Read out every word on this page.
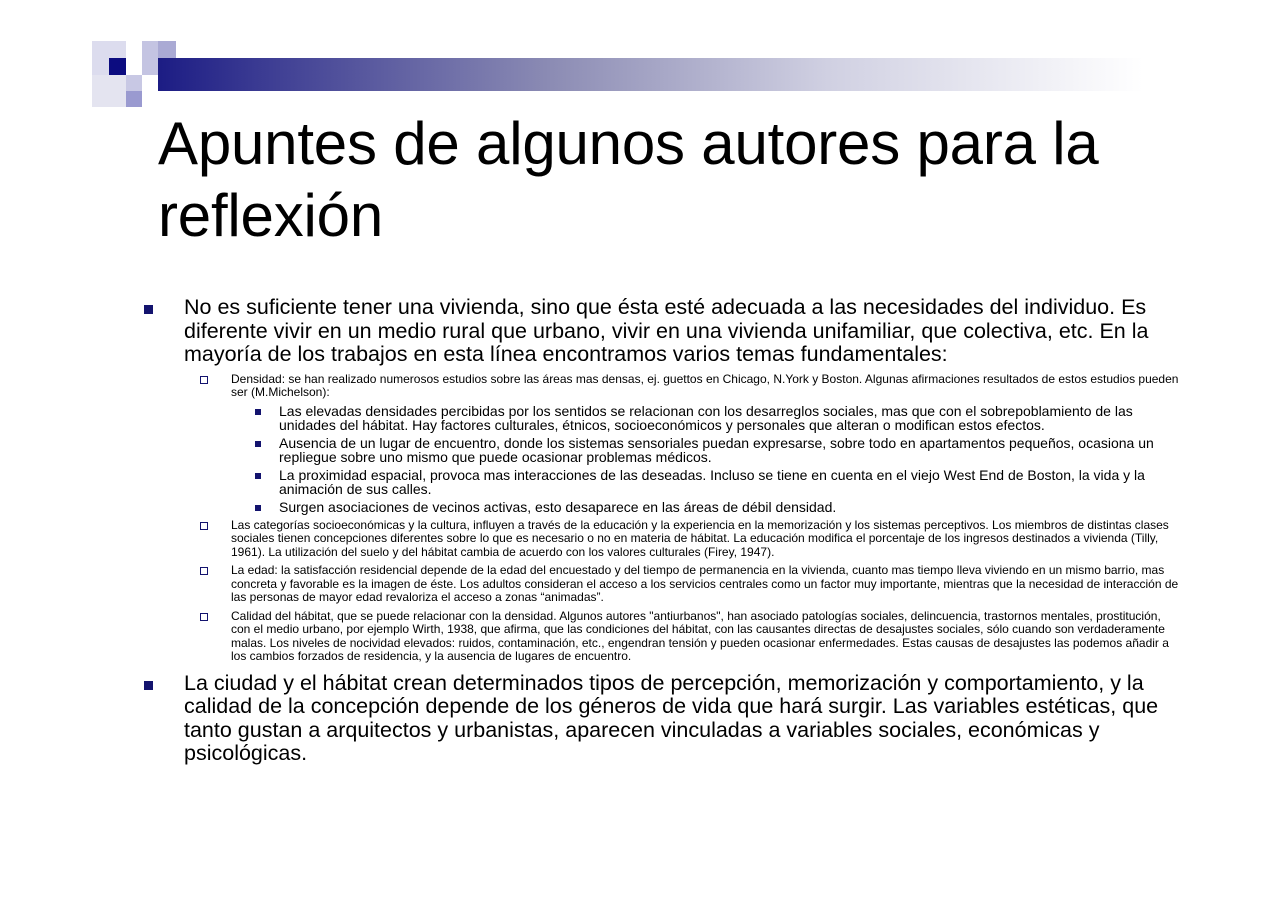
Apuntes de algunos autores para la reflexión
No es suficiente tener una vivienda, sino que ésta esté adecuada a las necesidades del individuo. Es diferente vivir en un medio rural que urbano, vivir en una vivienda unifamiliar, que colectiva, etc. En la mayoría de los trabajos en esta línea encontramos varios temas fundamentales:
Densidad: se han realizado numerosos estudios sobre las áreas mas densas, ej. guettos en Chicago, N.York y Boston. Algunas afirmaciones resultados de estos estudios pueden ser (M.Michelson):
Las elevadas densidades percibidas por los sentidos se relacionan con los desarreglos sociales, mas que con el sobrepoblamiento de las unidades del hábitat. Hay factores culturales, étnicos, socioeconómicos y personales que alteran o modifican estos efectos.
Ausencia de un lugar de encuentro, donde los sistemas sensoriales puedan expresarse, sobre todo en apartamentos pequeños, ocasiona un repliegue sobre uno mismo que puede ocasionar problemas médicos.
La proximidad espacial, provoca mas interacciones de las deseadas. Incluso se tiene en cuenta en el viejo West End de Boston, la vida y la animación de sus calles.
Surgen asociaciones de vecinos activas, esto desaparece en las áreas de débil densidad.
Las categorías socioeconómicas y la cultura, influyen a través de la educación y la experiencia en la memorización y los sistemas perceptivos. Los miembros de distintas clases sociales tienen concepciones diferentes sobre lo que es necesario o no en materia de hábitat. La educación modifica el porcentaje de los ingresos destinados a vivienda (Tilly, 1961). La utilización del suelo y del hábitat cambia de acuerdo con los valores culturales (Firey, 1947).
La edad: la satisfacción residencial depende de la edad del encuestado y del tiempo de permanencia en la vivienda, cuanto mas tiempo lleva viviendo en un mismo barrio, mas concreta y favorable es la imagen de éste. Los adultos consideran el acceso a los servicios centrales como un factor muy importante, mientras que la necesidad de interacción de las personas de mayor edad revaloriza el acceso a zonas “animadas”.
Calidad del hábitat, que se puede relacionar con la densidad. Algunos autores "antiurbanos", han asociado patologías sociales, delincuencia, trastornos mentales, prostitución, con el medio urbano, por ejemplo Wirth, 1938, que afirma, que las condiciones del hábitat, con las causantes directas de desajustes sociales, sólo cuando son verdaderamente malas. Los niveles de nocividad elevados: ruidos, contaminación, etc., engendran tensión y pueden ocasionar enfermedades. Estas causas de desajustes las podemos añadir a los cambios forzados de residencia, y la ausencia de lugares de encuentro.
La ciudad y el hábitat crean determinados tipos de percepción, memorización y comportamiento, y la calidad de la concepción depende de los géneros de vida que hará surgir. Las variables estéticas, que tanto gustan a arquitectos y urbanistas, aparecen vinculadas a variables sociales, económicas y psicológicas.
